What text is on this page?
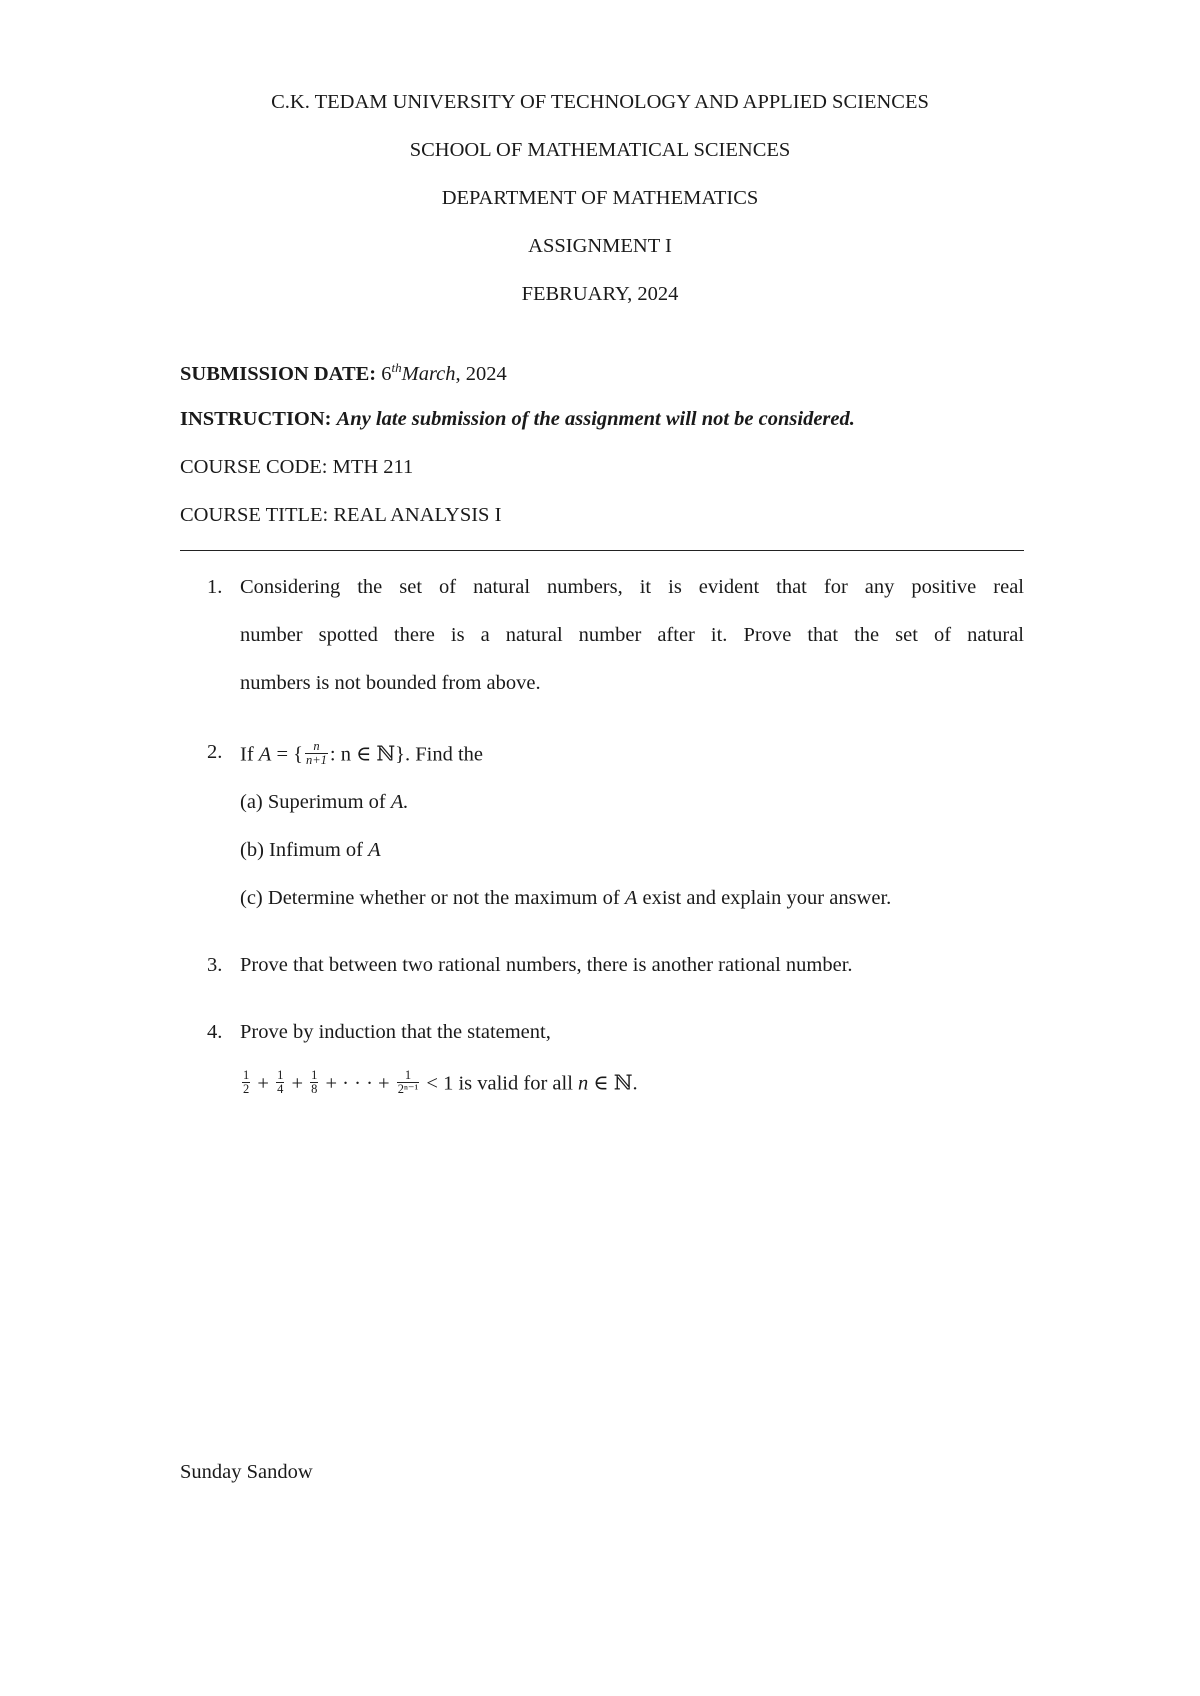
C.K. TEDAM UNIVERSITY OF TECHNOLOGY AND APPLIED SCIENCES
SCHOOL OF MATHEMATICAL SCIENCES
DEPARTMENT OF MATHEMATICS
ASSIGNMENT I
FEBRUARY, 2024
SUBMISSION DATE: 6thMarch, 2024
INSTRUCTION: Any late submission of the assignment will not be considered.
COURSE CODE: MTH 211
COURSE TITLE: REAL ANALYSIS I
1. Considering the set of natural numbers, it is evident that for any positive real
number spotted there is a natural number after it. Prove that the set of natural
numbers is not bounded from above.
2. If A = { $\frac{n}{n+1}$ : n ∈ ℕ}. Find the
(a) Superimum of A.
(b) Infimum of A
(c) Determine whether or not the maximum of A exist and explain your answer.
3. Prove that between two rational numbers, there is another rational number.
4. Prove by induction that the statement,
$\frac{1}{2} + \frac{1}{4} + \frac{1}{8}$ + · · · + $\frac{1}{\text{2ⁿ⁻¹}} < 1$ is valid for all n ∈ ℕ.
Sunday Sandow
